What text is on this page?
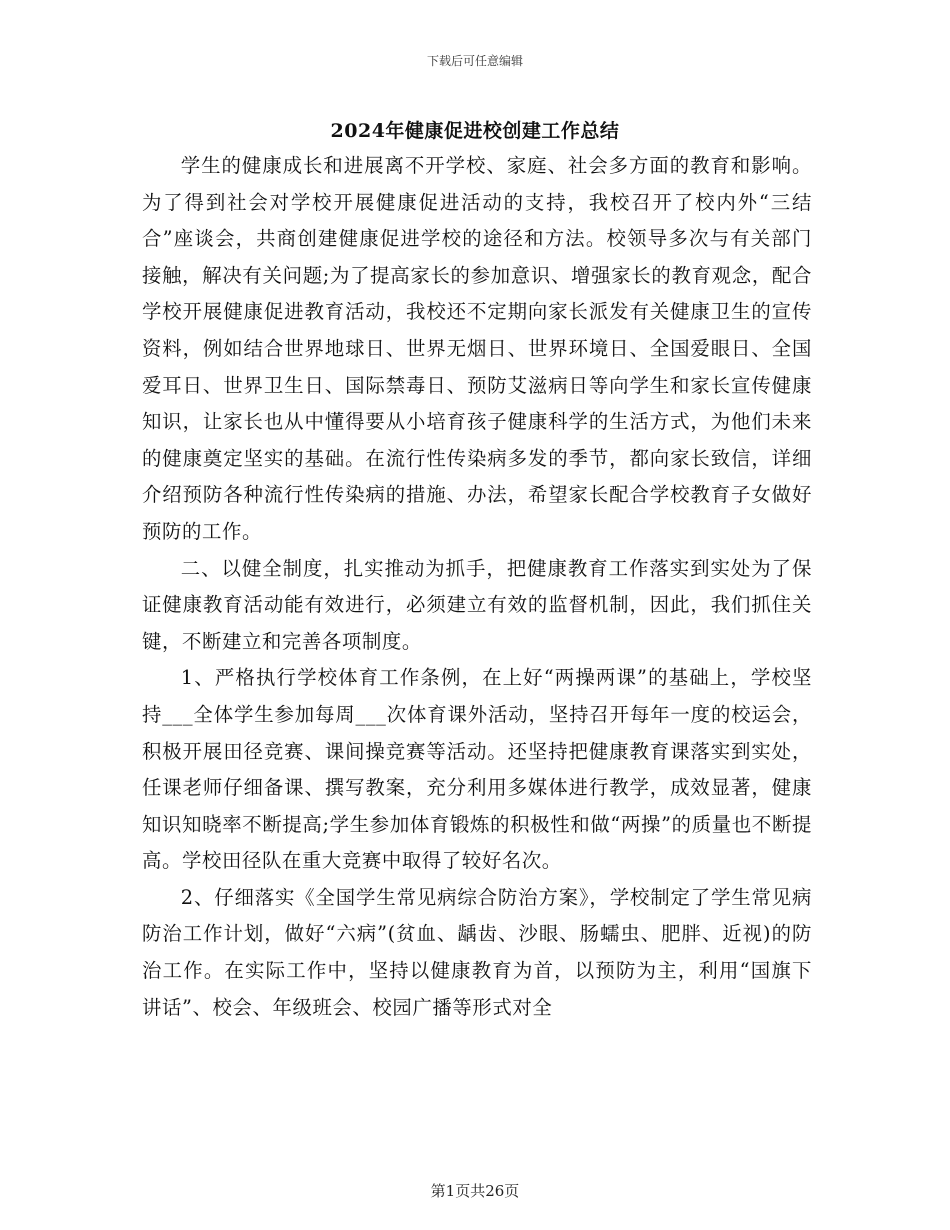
下载后可任意编辑
2024年健康促进校创建工作总结

学生的健康成长和进展离不开学校、家庭、社会多方面的教育和影响。为了得到社会对学校开展健康促进活动的支持，我校召开了校内外“三结合”座谈会，共商创建健康促进学校的途径和方法。校领导多次与有关部门接触，解决有关问题;为了提高家长的参加意识、增强家长的教育观念，配合学校开展健康促进教育活动，我校还不定期向家长派发有关健康卫生的宣传资料，例如结合世界地球日、世界无烟日、世界环境日、全国爱眼日、全国爱耳日、世界卫生日、国际禁毒日、预防艾滋病日等向学生和家长宣传健康知识，让家长也从中懂得要从小培育孩子健康科学的生活方式，为他们未来的健康奠定坚实的基础。在流行性传染病多发的季节，都向家长致信，详细介绍预防各种流行性传染病的措施、办法，希望家长配合学校教育子女做好预防的工作。

二、以健全制度，扎实推动为抓手，把健康教育工作落实到实处为了保证健康教育活动能有效进行，必须建立有效的监督机制，因此，我们抓住关键，不断建立和完善各项制度。

1、严格执行学校体育工作条例，在上好“两操两课”的基础上，学校坚持___全体学生参加每周___次体育课外活动，坚持召开每年一度的校运会，积极开展田径竞赛、课间操竞赛等活动。还坚持把健康教育课落实到实处，任课老师仔细备课、撰写教案，充分利用多媒体进行教学，成效显著，健康知识知晓率不断提高;学生参加体育锻炼的积极性和做“两操”的质量也不断提高。学校田径队在重大竞赛中取得了较好名次。

2、仔细落实《全国学生常见病综合防治方案》，学校制定了学生常见病防治工作计划，做好“六病”(贫血、龋齿、沙眼、肠蠕虫、肥胖、近视)的防治工作。在实际工作中，坚持以健康教育为首，以预防为主，利用“国旗下讲话”、校会、年级班会、校园广播等形式对全

第1页共26页
